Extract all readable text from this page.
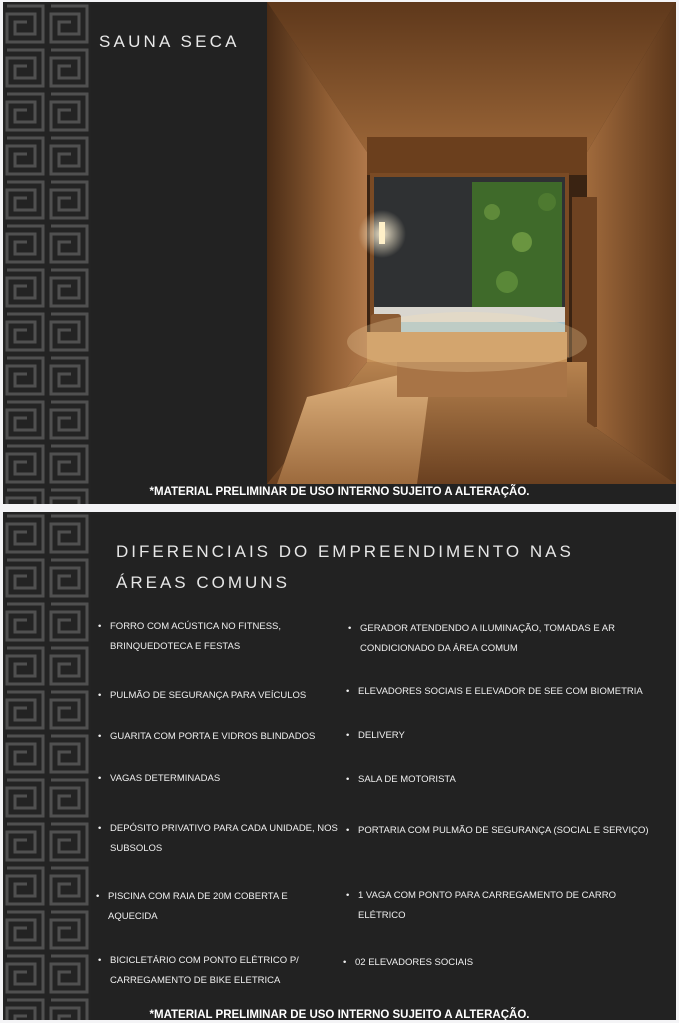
SAUNA SECA
*MATERIAL PRELIMINAR DE USO INTERNO SUJEITO A ALTERAÇÃO.
DIFERENCIAIS DO EMPREENDIMENTO NAS ÁREAS COMUNS
• FORRO COM ACÚSTICA NO FITNESS, BRINQUEDOTECA E FESTAS
• PULMÃO DE SEGURANÇA PARA VEÍCULOS
• GUARITA COM PORTA E VIDROS BLINDADOS
• VAGAS DETERMINADAS
• DEPÓSITO PRIVATIVO PARA CADA UNIDADE, NOS SUBSOLOS
• PISCINA COM RAIA DE 20M COBERTA E AQUECIDA
• BICICLETÁRIO COM PONTO ELÉTRICO P/ CARREGAMENTO DE BIKE ELETRICA
• GERADOR ATENDENDO A ILUMINAÇÃO, TOMADAS E AR CONDICIONADO DA ÁREA COMUM
• ELEVADORES SOCIAIS E ELEVADOR DE SEE COM BIOMETRIA
• DELIVERY
• SALA DE MOTORISTA
• PORTARIA COM PULMÃO DE SEGURANÇA (SOCIAL E SERVIÇO)
• 1 VAGA COM PONTO PARA CARREGAMENTO DE CARRO ELÉTRICO
• 02 ELEVADORES SOCIAIS
*MATERIAL PRELIMINAR DE USO INTERNO SUJEITO A ALTERAÇÃO.
